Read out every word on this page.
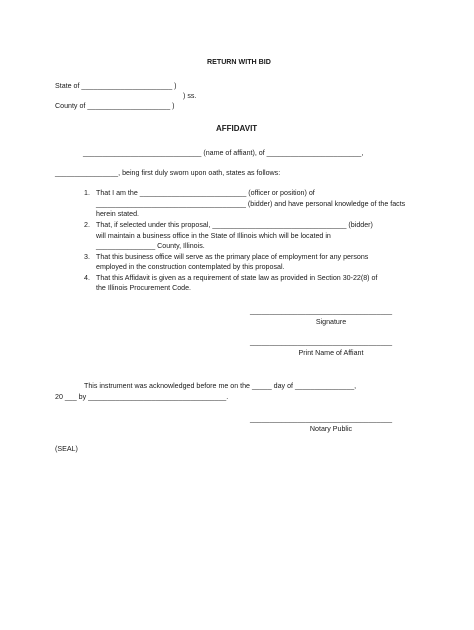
RETURN WITH BID
State of _______________________ )
) ss.
County of _____________________ )
AFFIDAVIT
______________________________ (name of affiant), of ________________________,
________________, being first duly sworn upon oath, states as follows:
1. That I am the ___________________________ (officer or position) of
______________________________________ (bidder) and have personal knowledge of the facts
herein stated.
2. That, if selected under this proposal, __________________________________ (bidder)
will maintain a business office in the State of Illinois which will be located in
_______________ County, Illinois.
3. That this business office will serve as the primary place of employment for any persons
employed in the construction contemplated by this proposal.
4. That this Affidavit is given as a requirement of state law as provided in Section 30-22(8) of
the Illinois Procurement Code.
____________________________________
Signature
____________________________________
Print Name of Affiant
This instrument was acknowledged before me on the _____ day of _______________,
20 ___ by ___________________________________.
____________________________________
Notary Public
(SEAL)
